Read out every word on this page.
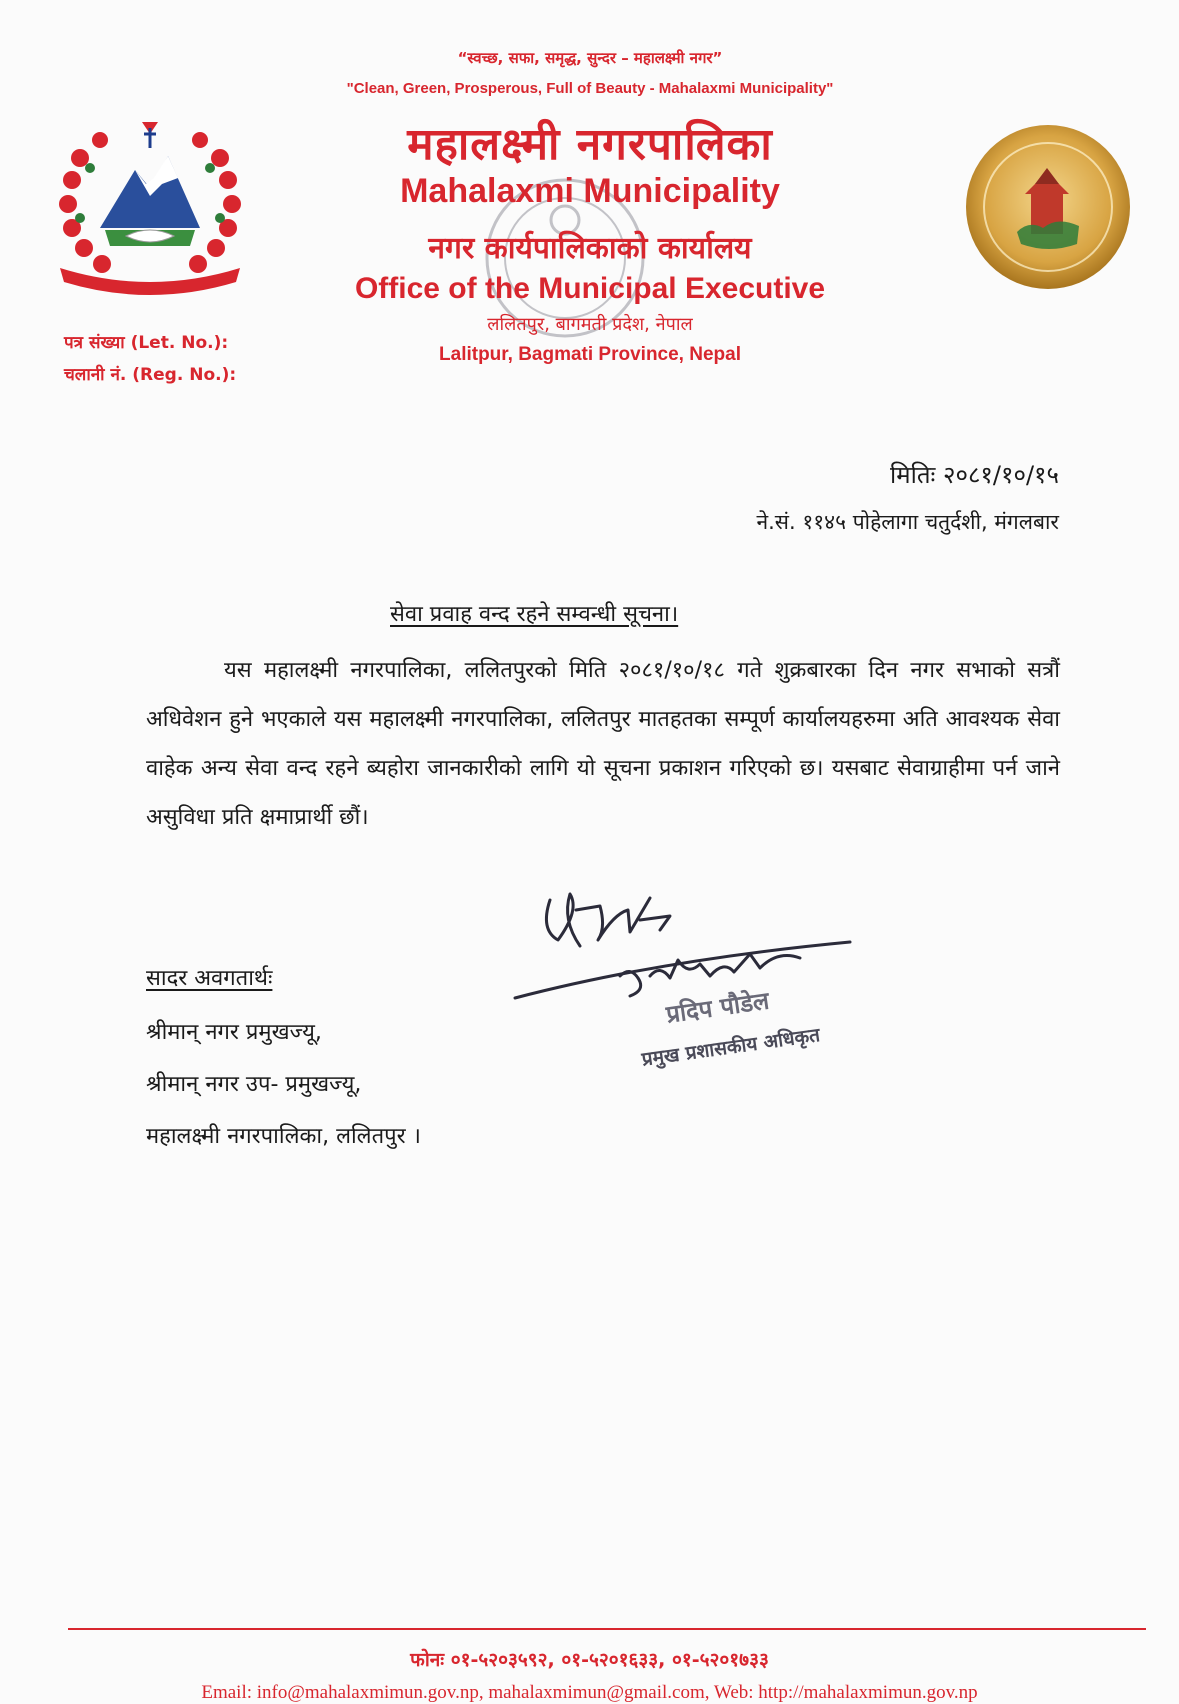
“स्वच्छ, सफा, समृद्ध, सुन्दर – महालक्ष्मी नगर”
"Clean, Green, Prosperous, Full of Beauty - Mahalaxmi Municipality"
महालक्ष्मी नगरपालिका
Mahalaxmi Municipality
नगर कार्यपालिकाको कार्यालय
Office of the Municipal Executive
ललितपुर, बागमती प्रदेश, नेपाल
Lalitpur, Bagmati Province, Nepal
पत्र संख्या (Let. No.):
चलानी नं. (Reg. No.):
मितिः २०८१/१०/१५
ने.सं. ११४५ पोहेलागा चतुर्दशी, मंगलबार
सेवा प्रवाह वन्द रहने सम्वन्धी सूचना।
यस महालक्ष्मी नगरपालिका, ललितपुरको मिति २०८१/१०/१८ गते शुक्रबारका दिन नगर सभाको सत्रौं अधिवेशन हुने भएकाले यस महालक्ष्मी नगरपालिका, ललितपुर मातहतका सम्पूर्ण कार्यालयहरुमा अति आवश्यक सेवा वाहेक अन्य सेवा वन्द रहने ब्यहोरा जानकारीको लागि यो सूचना प्रकाशन गरिएको छ। यसबाट सेवाग्राहीमा पर्न जाने असुविधा प्रति क्षमाप्रार्थी छौं।
सादर अवगतार्थः
श्रीमान् नगर प्रमुखज्यू,
श्रीमान् नगर उप- प्रमुखज्यू,
महालक्ष्मी नगरपालिका, ललितपुर ।
प्रदिप पौडेल
प्रमुख प्रशासकीय अधिकृत
फोनः ०१-५२०३५९२, ०१-५२०१६३३, ०१-५२०१७३३
Email: info@mahalaxmimun.gov.np, mahalaxmimun@gmail.com, Web: http://mahalaxmimun.gov.np
